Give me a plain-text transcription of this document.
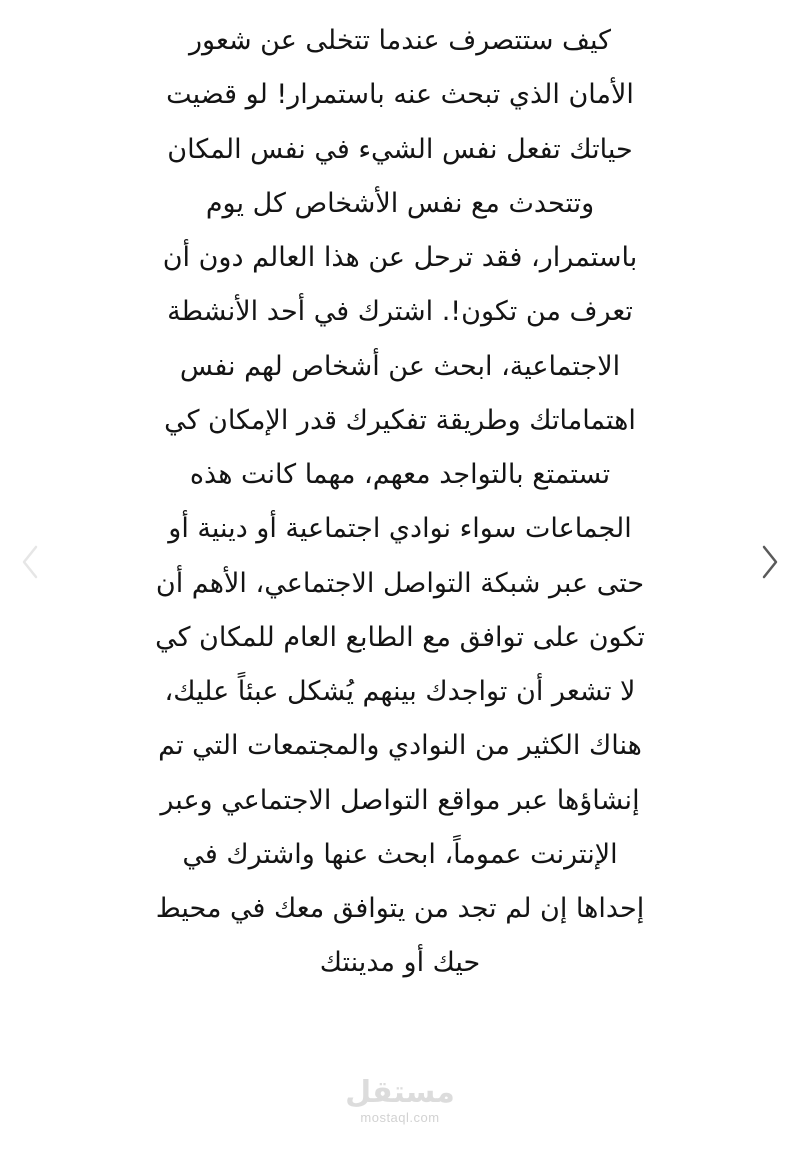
كيف ستتصرف عندما تتخلى عن شعور
الأمان الذي تبحث عنه باستمرار! لو قضيت
حياتك تفعل نفس الشيء في نفس المكان
وتتحدث مع نفس الأشخاص كل يوم
باستمرار، فقد ترحل عن هذا العالم دون أن
تعرف من تكون!. اشترك في أحد الأنشطة
الاجتماعية، ابحث عن أشخاص لهم نفس
اهتماماتك وطريقة تفكيرك قدر الإمكان كي
تستمتع بالتواجد معهم، مهما كانت هذه
الجماعات سواء نوادي اجتماعية أو دينية أو
حتى عبر شبكة التواصل الاجتماعي، الأهم أن
تكون على توافق مع الطابع العام للمكان كي
لا تشعر أن تواجدك بينهم يُشكل عبئاً عليك،
هناك الكثير من النوادي والمجتمعات التي تم
إنشاؤها عبر مواقع التواصل الاجتماعي وعبر
الإنترنت عموماً، ابحث عنها واشترك في
إحداها إن لم تجد من يتوافق معك في محيط
حيك أو مدينتك
مستقل
mostaql.com
